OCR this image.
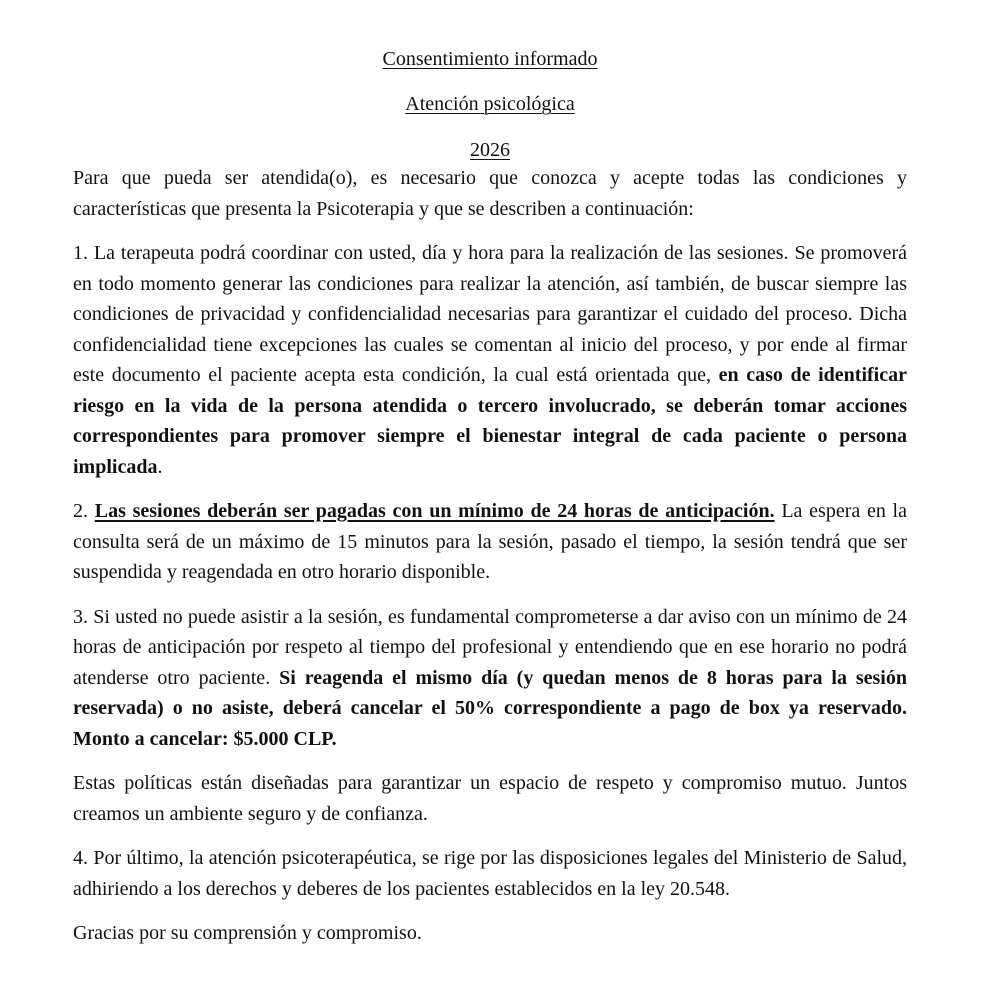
Consentimiento informado
Atención psicológica
2026

Para que pueda ser atendida(o), es necesario que conozca y acepte todas las condiciones y características que presenta la Psicoterapia y que se describen a continuación:

1. La terapeuta podrá coordinar con usted, día y hora para la realización de las sesiones. Se promoverá en todo momento generar las condiciones para realizar la atención, así también, de buscar siempre las condiciones de privacidad y confidencialidad necesarias para garantizar el cuidado del proceso. Dicha confidencialidad tiene excepciones las cuales se comentan al inicio del proceso, y por ende al firmar este documento el paciente acepta esta condición, la cual está orientada que, en caso de identificar riesgo en la vida de la persona atendida o tercero involucrado, se deberán tomar acciones correspondientes para promover siempre el bienestar integral de cada paciente o persona implicada.

2. Las sesiones deberán ser pagadas con un mínimo de 24 horas de anticipación. La espera en la consulta será de un máximo de 15 minutos para la sesión, pasado el tiempo, la sesión tendrá que ser suspendida y reagendada en otro horario disponible.

3. Si usted no puede asistir a la sesión, es fundamental comprometerse a dar aviso con un mínimo de 24 horas de anticipación por respeto al tiempo del profesional y entendiendo que en ese horario no podrá atenderse otro paciente. Si reagenda el mismo día (y quedan menos de 8 horas para la sesión reservada) o no asiste, deberá cancelar el 50% correspondiente a pago de box ya reservado. Monto a cancelar: $5.000 CLP.

Estas políticas están diseñadas para garantizar un espacio de respeto y compromiso mutuo. Juntos creamos un ambiente seguro y de confianza.

4. Por último, la atención psicoterapéutica, se rige por las disposiciones legales del Ministerio de Salud, adhiriendo a los derechos y deberes de los pacientes establecidos en la ley 20.548.

Gracias por su comprensión y compromiso.
